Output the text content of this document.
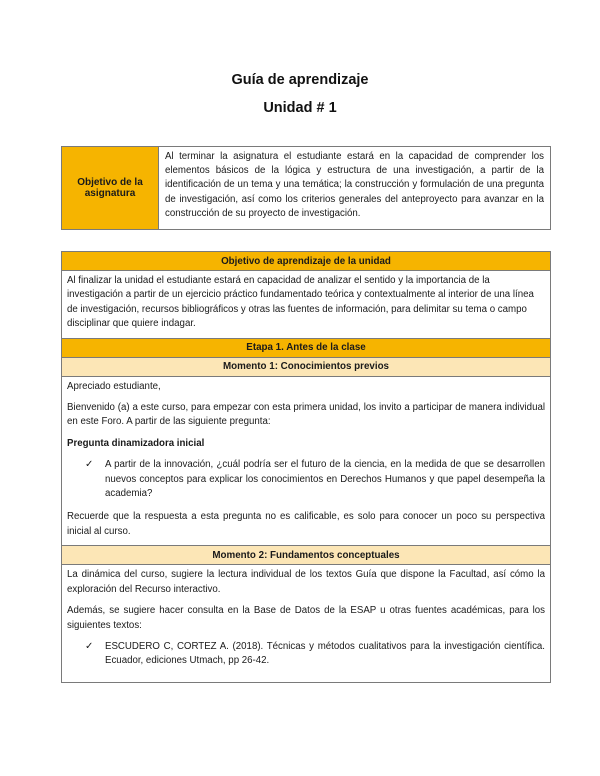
Guía de aprendizaje
Unidad # 1
Objetivo de la asignatura	Al terminar la asignatura el estudiante estará en la capacidad de comprender los elementos básicos de la lógica y estructura de una investigación, a partir de la identificación de un tema y una temática; la construcción y formulación de una pregunta de investigación, así como los criterios generales del anteproyecto para avanzar en la construcción de su proyecto de investigación.
Objetivo de aprendizaje de la unidad

Al finalizar la unidad el estudiante estará en capacidad de analizar el sentido y la importancia de la investigación a partir de un ejercicio práctico fundamentado teórica y contextualmente al interior de una línea de investigación, recursos bibliográficos y otras las fuentes de información, para delimitar su tema o campo disciplinar que quiere indagar.

Etapa 1. Antes de la clase
Momento 1: Conocimientos previos

Apreciado estudiante,

Bienvenido (a) a este curso, para empezar con esta primera unidad, los invito a participar de manera individual en este Foro. A partir de las siguiente pregunta:

Pregunta dinamizadora inicial

✓	A partir de la innovación, ¿cuál podría ser el futuro de la ciencia, en la medida de que se desarrollen nuevos conceptos para explicar los conocimientos en Derechos Humanos y que papel desempeña la academia?

Recuerde que la respuesta a esta pregunta no es calificable, es solo para conocer un poco su perspectiva inicial al curso.

Momento 2: Fundamentos conceptuales

La dinámica del curso, sugiere la lectura individual de los textos Guía que dispone la Facultad, así cómo la exploración del Recurso interactivo.

Además, se sugiere hacer consulta en la Base de Datos de la ESAP u otras fuentes académicas, para los siguientes textos:

✓	ESCUDERO C, CORTEZ A. (2018). Técnicas y métodos cualitativos para la investigación científica. Ecuador, ediciones Utmach, pp 26-42.
